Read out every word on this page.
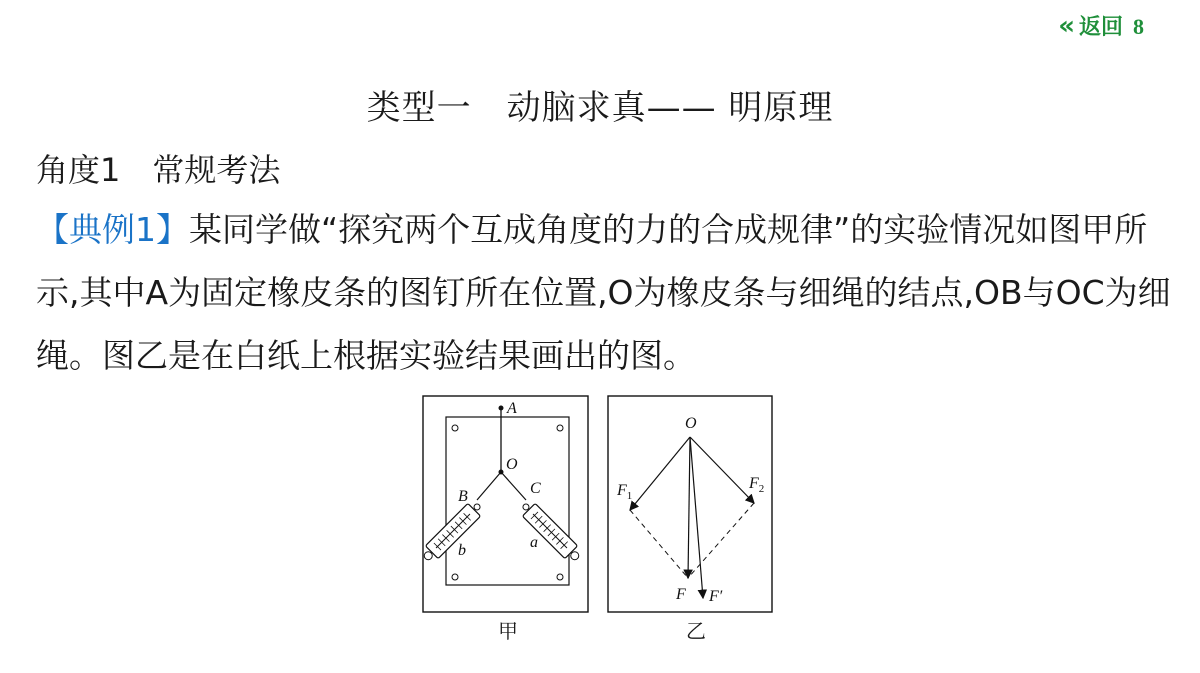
« 返回 8
类型一　动脑求真—— 明原理
角度1　常规考法
【典例1】某同学做“探究两个互成角度的力的合成规律”的实验情况如图甲所示,其中A为固定橡皮条的图钉所在位置,O为橡皮条与细绳的结点,OB与OC为细绳。图乙是在白纸上根据实验结果画出的图。
A
O
B	C
b	a
O
$F_1$
$F_2$
F F′
甲	乙
